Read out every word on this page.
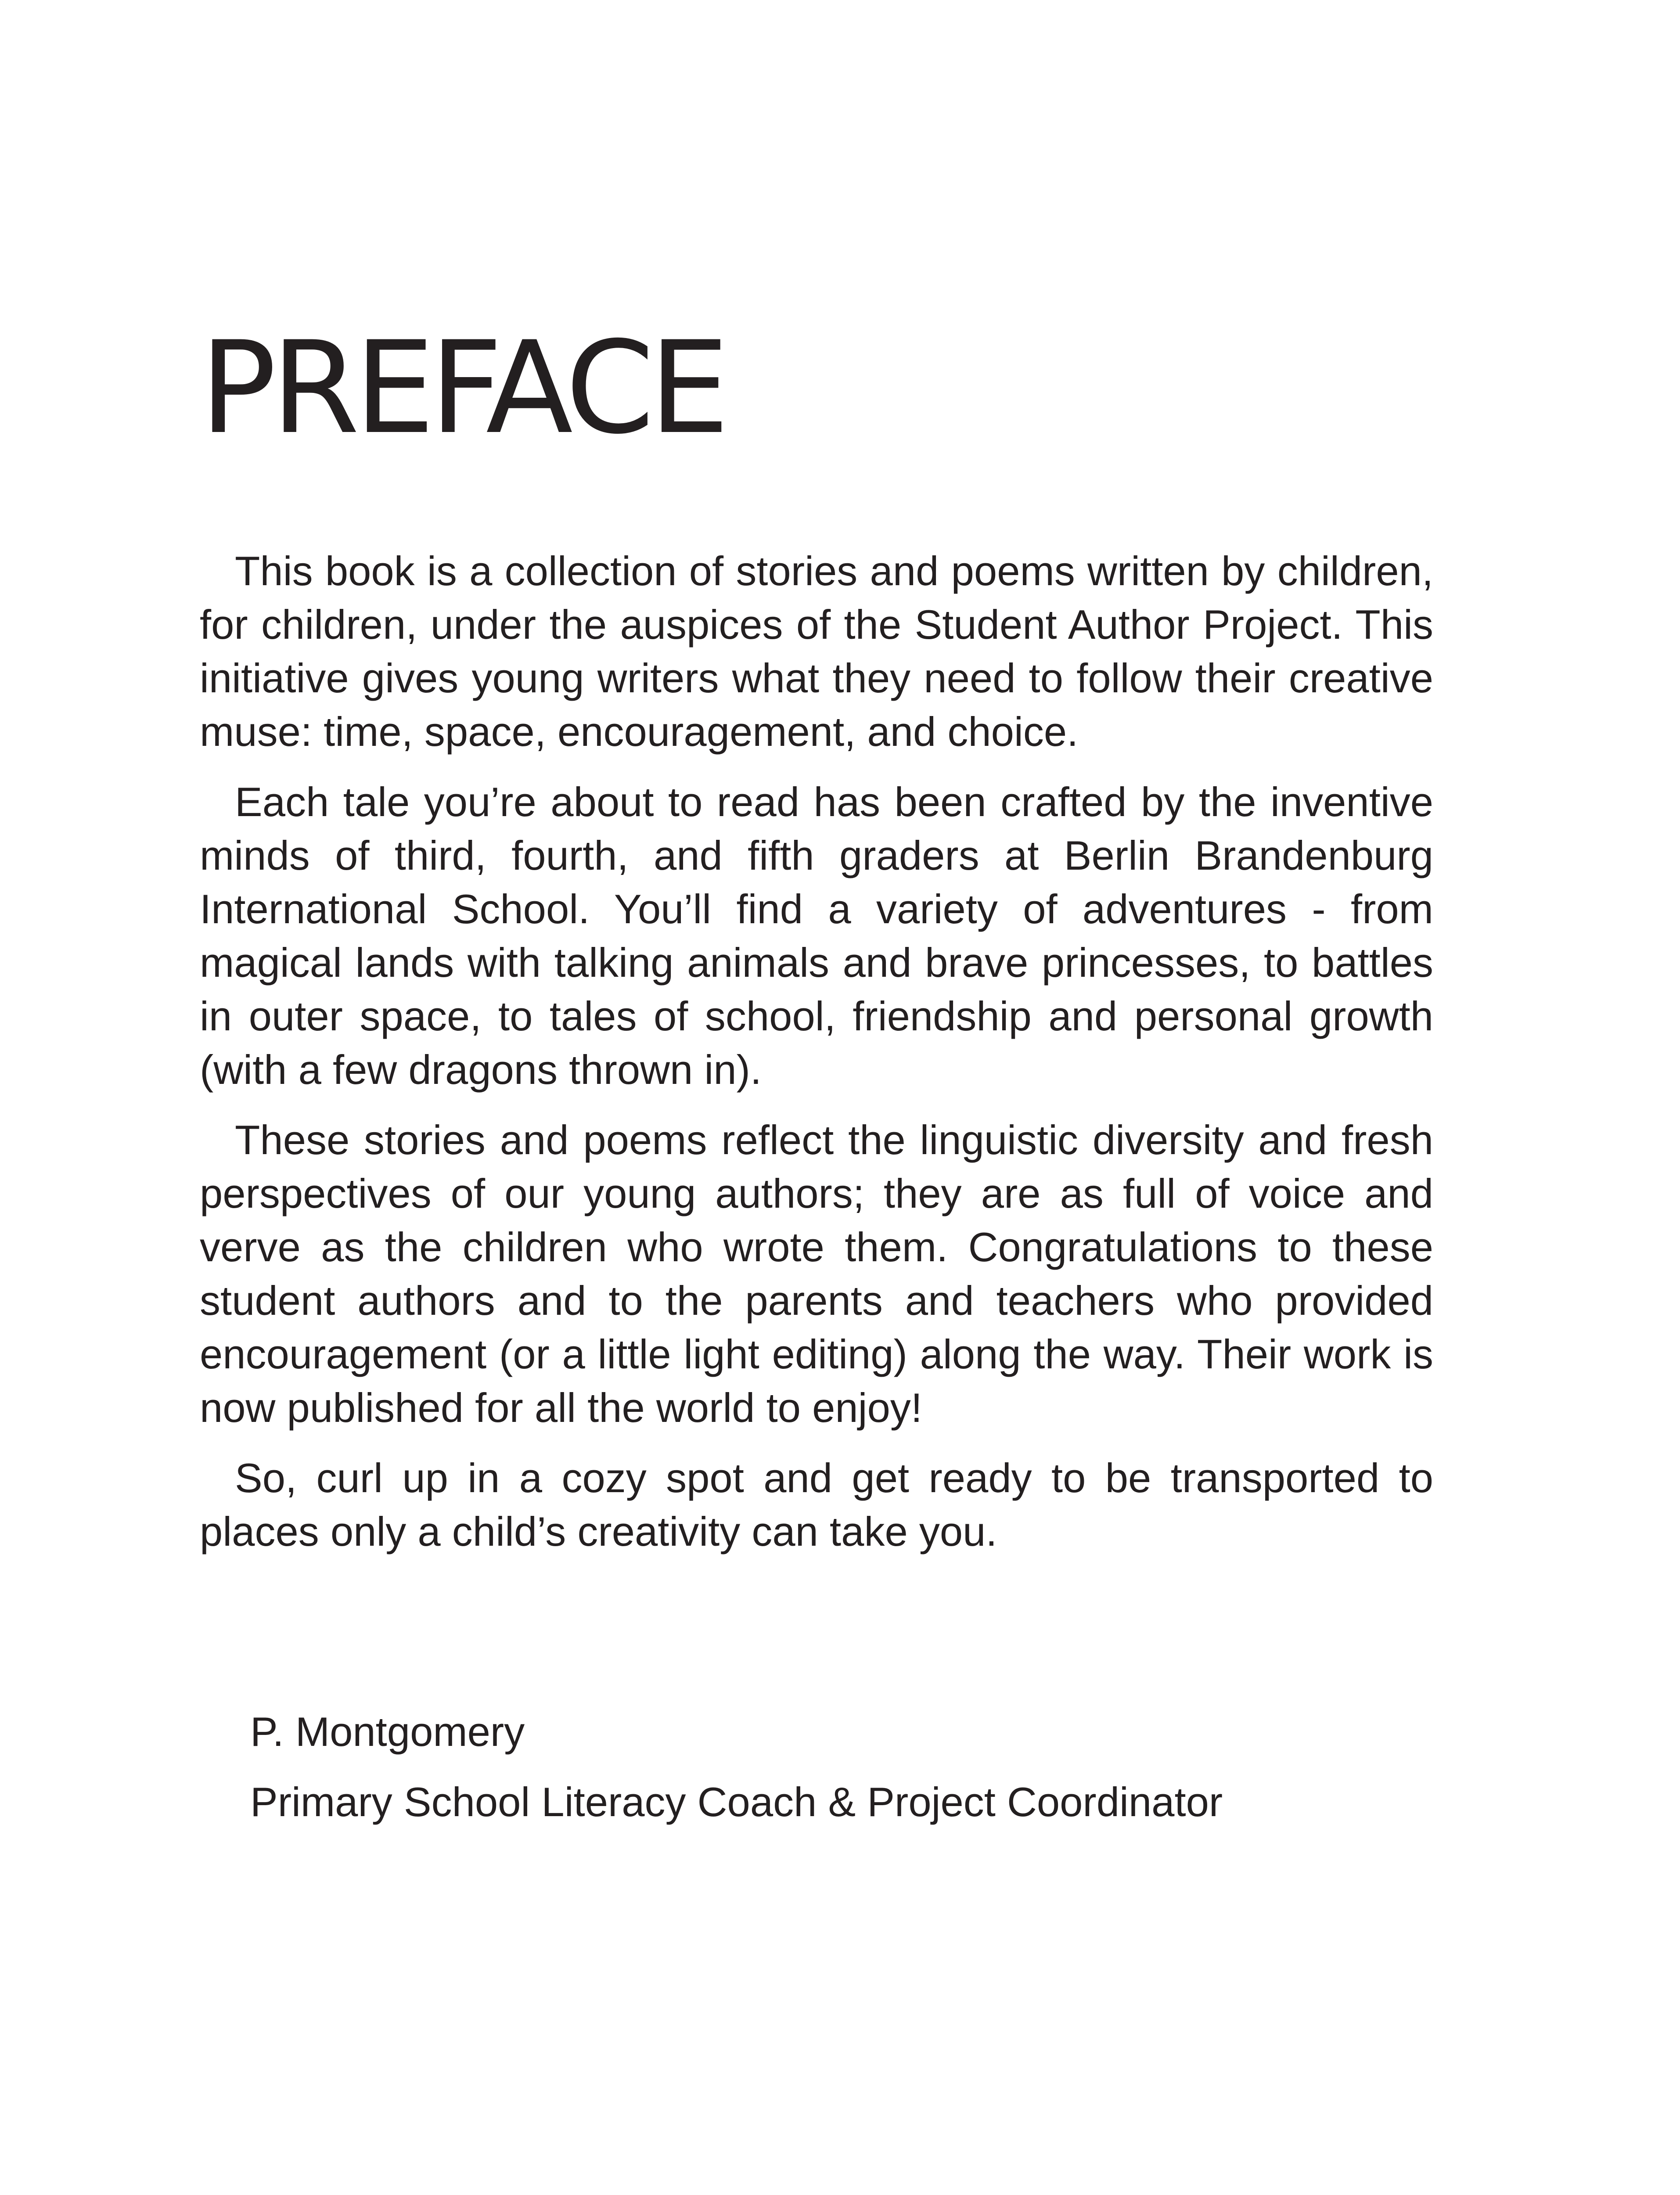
PREFACE

This book is a collection of stories and poems written by children, for children, under the auspices of the Student Author Project. This initiative gives young writers what they need to follow their creative muse: time, space, encouragement, and choice.

Each tale you’re about to read has been crafted by the inventive minds of third, fourth, and fifth graders at Berlin Brandenburg International School. You’ll find a variety of adventures - from magical lands with talking animals and brave princesses, to battles in outer space, to tales of school, friendship and personal growth (with a few dragons thrown in).

These stories and poems reflect the linguistic diversity and fresh perspectives of our young authors; they are as full of voice and verve as the children who wrote them. Congratulations to these student authors and to the parents and teachers who provided encouragement (or a little light editing) along the way. Their work is now published for all the world to enjoy!

So, curl up in a cozy spot and get ready to be transported to places only a child’s creativity can take you.

P. Montgomery
Primary School Literacy Coach & Project Coordinator
